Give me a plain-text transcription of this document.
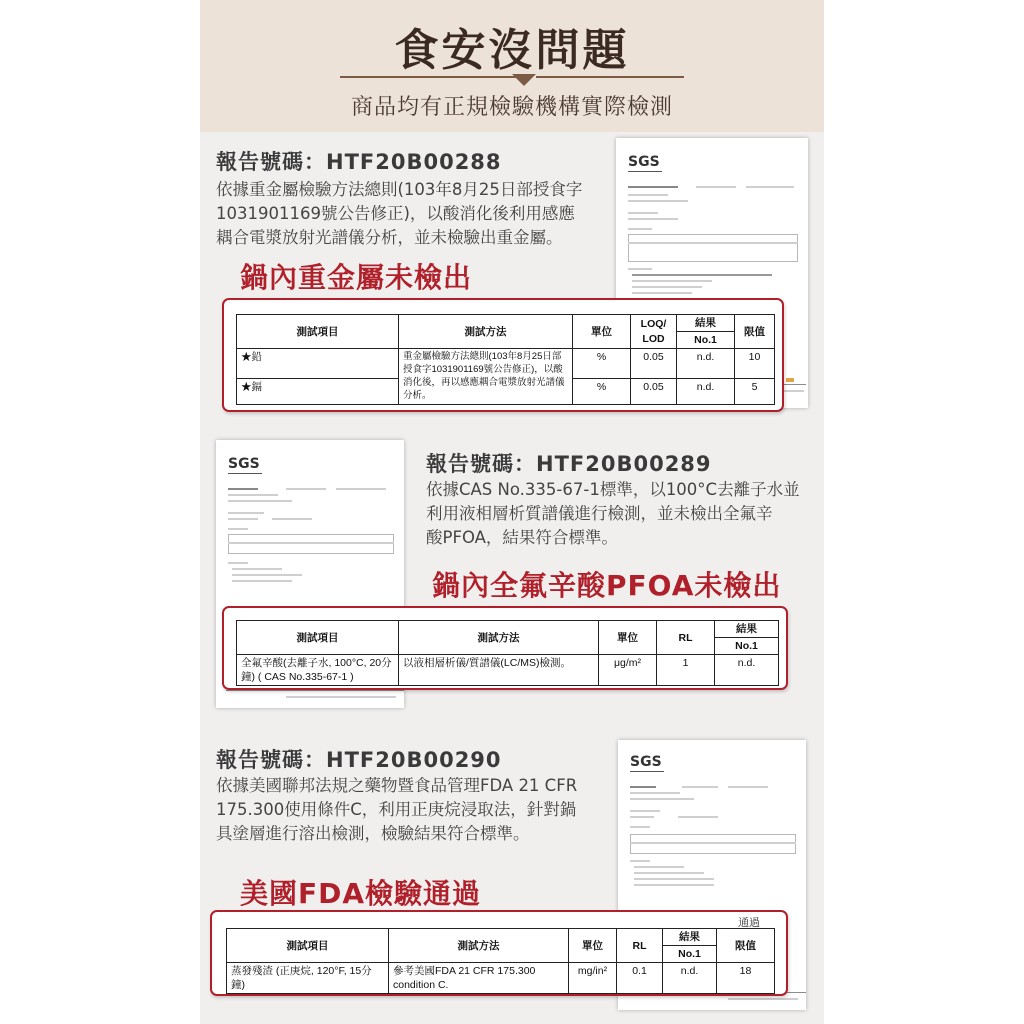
食安沒問題
商品均有正規檢驗機構實際檢測
SGS
報告號碼：HTF20B00288
依據重金屬檢驗方法總則(103年8月25日部授食字
1031901169號公告修正)，以酸消化後利用感應
耦合電漿放射光譜儀分析，並未檢驗出重金屬。
鍋內重金屬未檢出
測試項目	測試方法	單位	LOQ/	結果	限值
			LOD	No.1	
★鉛	重金屬檢驗方法總則(103年8月25日部授食字1031901169號公告修正)，以酸消化後，再以感應耦合電漿放射光譜儀分析。	%	0.05	n.d.	10
★鎘		%	0.05	n.d.	5
SGS	報告號碼：HTF20B00289
依據CAS No.335-67-1標準，以100°C去離子水並
利用液相層析質譜儀進行檢測，並未檢出全氟辛
酸PFOA，結果符合標準。
鍋內全氟辛酸PFOA未檢出
測試項目	測試方法	單位	RL	結果
				No.1
全氟辛酸(去離子水, 100°C, 20分鐘) ( CAS No.335-67-1 )	以液相層析儀/質譜儀(LC/MS)檢測。	μg/m²	1	n.d.
SGS
報告號碼：HTF20B00290
依據美國聯邦法規之藥物暨食品管理FDA 21 CFR
175.300使用條件C，利用正庚烷浸取法，針對鍋
具塗層進行溶出檢測，檢驗結果符合標準。
美國FDA檢驗通過
通過
測試項目	測試方法	單位	RL	結果	限值
				No.1	
蒸發殘渣 (正庚烷, 120°F, 15分鐘)	參考美國FDA 21 CFR 175.300 condition C.	mg/in²	0.1	n.d.	18
